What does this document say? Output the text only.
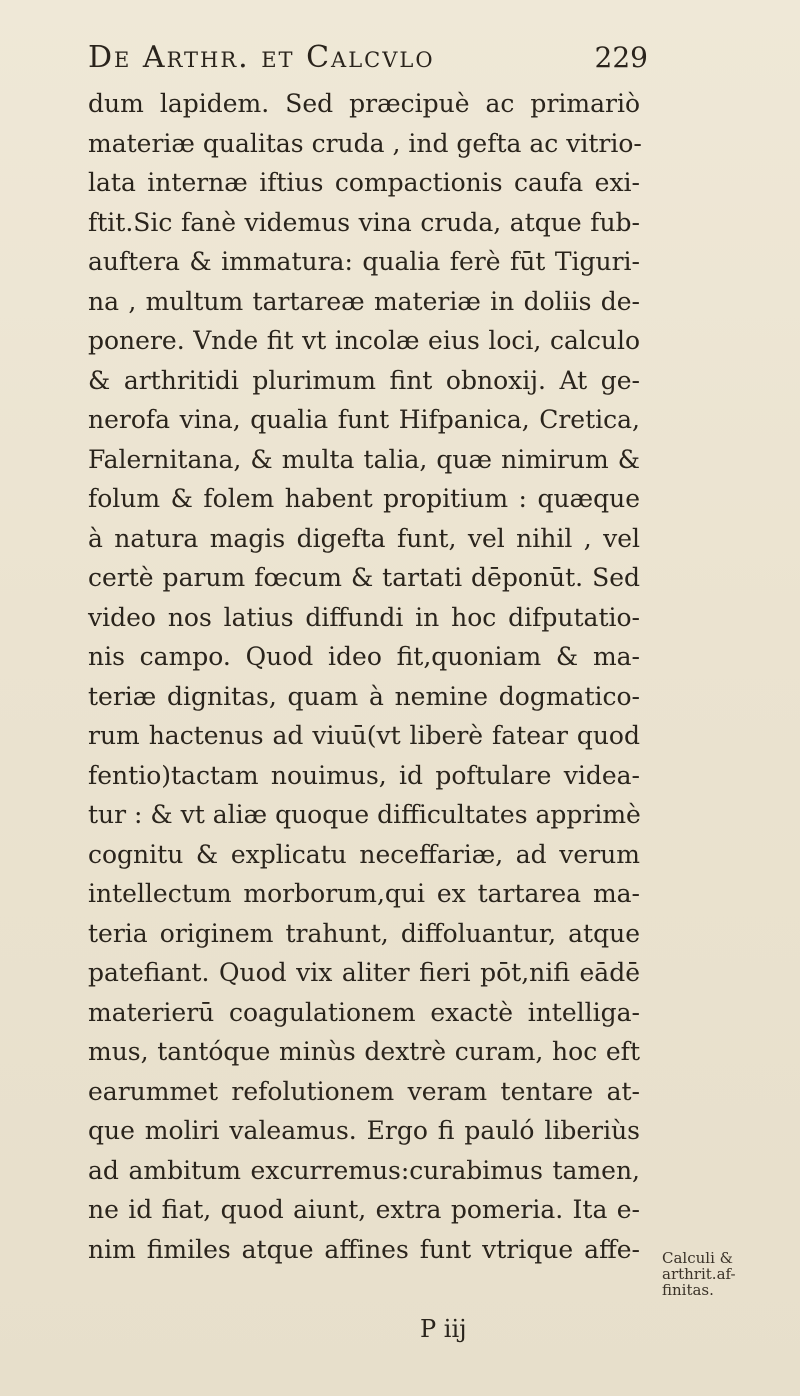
De Arthr. et Calcvlo	229
dum lapidem. Sed præcipuè ac primariò
materiæ qualitas cruda , ind gefta ac vitrio-
lata internæ iftius compactionis caufa exi-
ftit.Sic fanè videmus vina cruda, atque fub-
auftera & immatura: qualia ferè fūt Tiguri-
na , multum tartareæ materiæ in doliis de-
ponere. Vnde fit vt incolæ eius loci, calculo
& arthritidi plurimum fint obnoxij. At ge-
nerofa vina, qualia funt Hifpanica, Cretica,
Falernitana, & multa talia, quæ nimirum &
folum & folem habent propitium : quæque
à natura magis digefta funt, vel nihil , vel
certè parum fœcum & tartati dēponūt. Sed
video nos latius diffundi in hoc difputatio-
nis campo. Quod ideo fit,quoniam & ma-
teriæ dignitas, quam à nemine dogmatico-
rum hactenus ad viuū(vt liberè fatear quod
fentio)tactam nouimus, id poftulare videa-
tur : & vt aliæ quoque difficultates apprimè
cognitu & explicatu neceffariæ, ad verum
intellectum morborum,qui ex tartarea ma-
teria originem trahunt, diffoluantur, atque
patefiant. Quod vix aliter fieri pōt,nifi eādē
materierū coagulationem exactè intelliga-
mus, tantóque minùs dextrè curam, hoc eft
earummet refolutionem veram tentare at-
que moliri valeamus. Ergo fi pauló liberiùs
ad ambitum excurremus:curabimus tamen,
ne id fiat, quod aiunt, extra pomeria. Ita e-
nim fimiles atque affines funt vtrique affe- Calculi &
arthrit.af-
finitas.
P iij
